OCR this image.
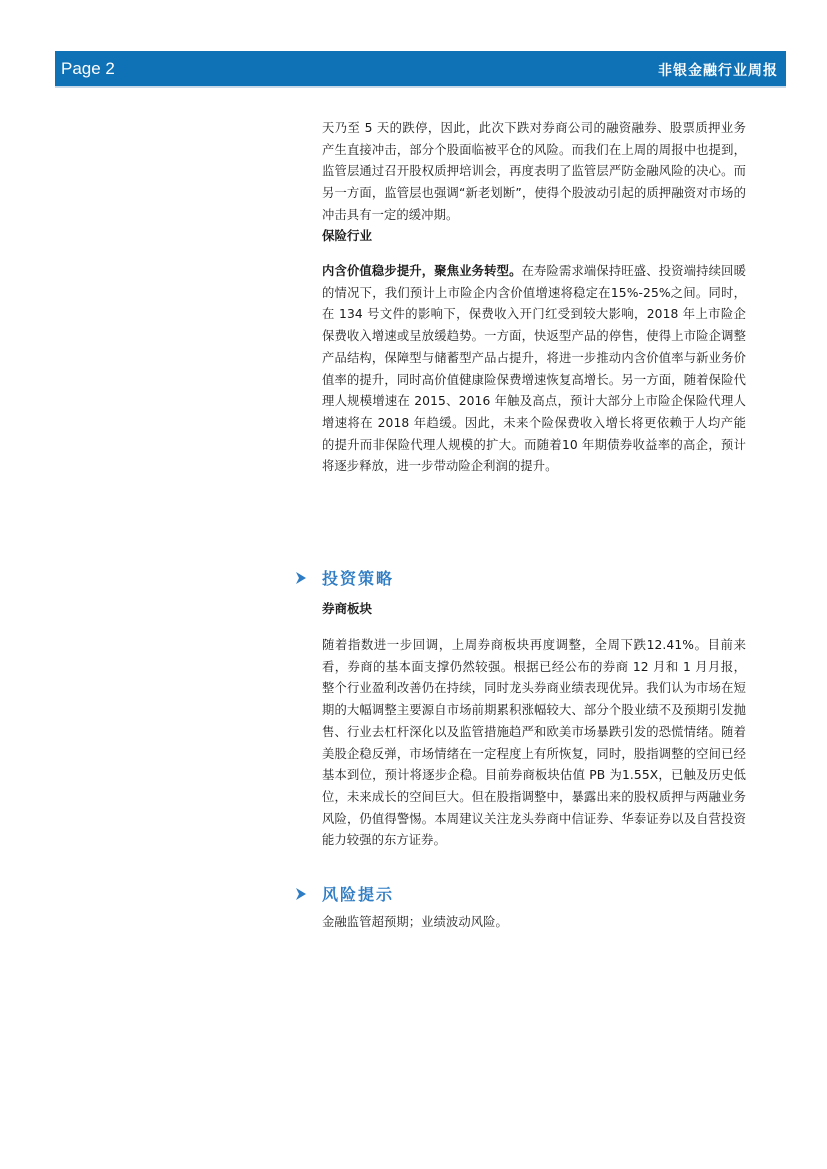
Page 2	非银金融行业周报

天乃至 5 天的跌停，因此，此次下跌对券商公司的融资融券、股票质押业务产生直接冲击，部分个股面临被平仓的风险。而我们在上周的周报中也提到，监管层通过召开股权质押培训会，再度表明了监管层严防金融风险的决心。而另一方面，监管层也强调“新老划断”，使得个股波动引起的质押融资对市场的冲击具有一定的缓冲期。

保险行业

内含价值稳步提升，聚焦业务转型。在寿险需求端保持旺盛、投资端持续回暖的情况下，我们预计上市险企内含价值增速将稳定在15%-25%之间。同时，在 134 号文件的影响下，保费收入开门红受到较大影响，2018 年上市险企保费收入增速或呈放缓趋势。一方面，快返型产品的停售，使得上市险企调整产品结构，保障型与储蓄型产品占提升，将进一步推动内含价值率与新业务价值率的提升，同时高价值健康险保费增速恢复高增长。另一方面，随着保险代理人规模增速在 2015、2016 年触及高点，预计大部分上市险企保险代理人增速将在 2018 年趋缓。因此，未来个险保费收入增长将更依赖于人均产能的提升而非保险代理人规模的扩大。而随着10 年期债券收益率的高企，预计将逐步释放，进一步带动险企利润的提升。

投资策略

券商板块

随着指数进一步回调，上周券商板块再度调整，全周下跌12.41%。目前来看，券商的基本面支撑仍然较强。根据已经公布的券商 12 月和 1 月月报，整个行业盈利改善仍在持续，同时龙头券商业绩表现优异。我们认为市场在短期的大幅调整主要源自市场前期累积涨幅较大、部分个股业绩不及预期引发抛售、行业去杠杆深化以及监管措施趋严和欧美市场暴跌引发的恐慌情绪。随着美股企稳反弹，市场情绪在一定程度上有所恢复，同时，股指调整的空间已经基本到位，预计将逐步企稳。目前券商板块估值 PB 为1.55X，已触及历史低位，未来成长的空间巨大。但在股指调整中，暴露出来的股权质押与两融业务风险，仍值得警惕。本周建议关注龙头券商中信证券、华泰证券以及自营投资能力较强的东方证券。

风险提示

金融监管超预期；业绩波动风险。
